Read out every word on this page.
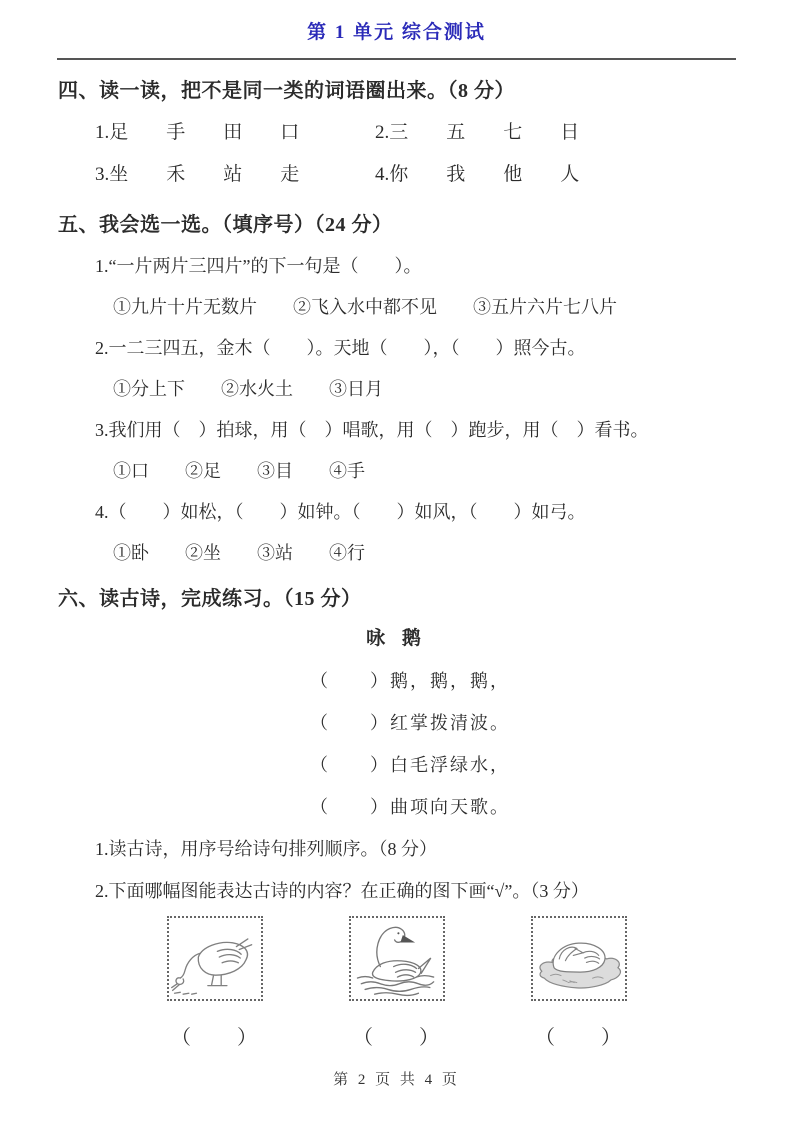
第 1 单元 综合测试
四、读一读，把不是同一类的词语圈出来。（8 分）
1.足　　手　　田　　口	2.三　　五　　七　　日
3.坐　　禾　　站　　走	4.你　　我　　他　　人
五、我会选一选。（填序号）（24 分）
1.“一片两片三四片”的下一句是（　　）。
①九片十片无数片　　②飞入水中都不见　　③五片六片七八片
2.一二三四五，金木（　　）。天地（　　），（　　）照今古。
①分上下　　②水火土　　③日月
3.我们用（　）拍球，用（　）唱歌，用（　）跑步，用（　）看书。
①口　　②足　　③目　　④手
4.（　　）如松，（　　）如钟。（　　）如风，（　　）如弓。
①卧　　②坐　　③站　　④行
六、读古诗，完成练习。（15 分）
咏 鹅
（　　）鹅，鹅，鹅，
（　　）红掌拨清波。
（　　）白毛浮绿水，
（　　）曲项向天歌。
1.读古诗，用序号给诗句排列顺序。（8 分）
2.下面哪幅图能表达古诗的内容？在正确的图下画“√”。（3 分）
（　　）	（　　）	（　　）
第 2 页 共 4 页
